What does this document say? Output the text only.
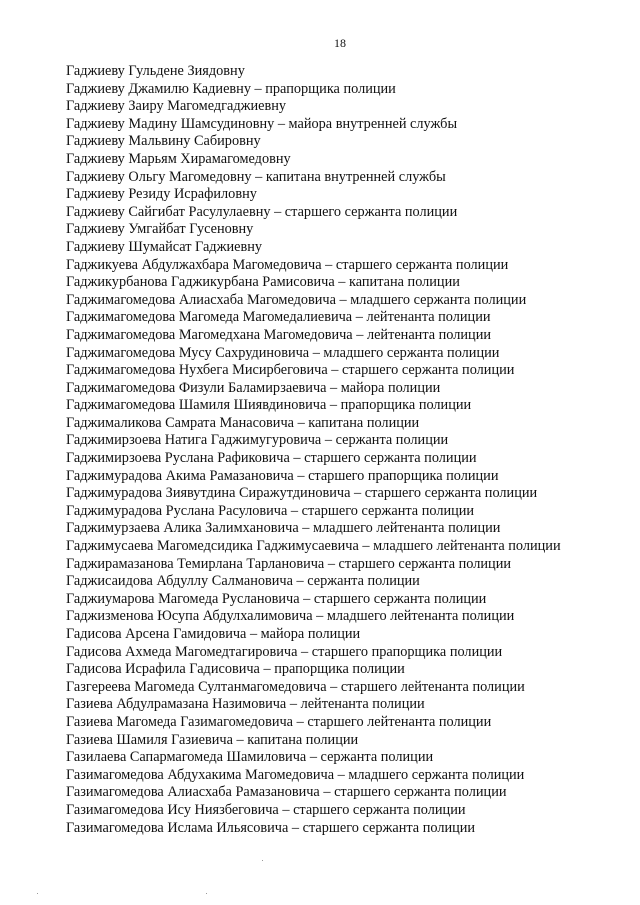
18
Гаджиеву Гульдене Зиядовну
Гаджиеву Джамилю Кадиевну – прапорщика полиции
Гаджиеву Заиру Магомедгаджиевну
Гаджиеву Мадину Шамсудиновну – майора внутренней службы
Гаджиеву Мальвину Сабировну
Гаджиеву Марьям Хирамагомедовну
Гаджиеву Ольгу Магомедовну – капитана внутренней службы
Гаджиеву Резиду Исрафиловну
Гаджиеву Сайгибат Расулулаевну – старшего сержанта полиции
Гаджиеву Умгайбат Гусеновну
Гаджиеву Шумайсат Гаджиевну
Гаджикуева Абдулжахбара Магомедовича – старшего сержанта полиции
Гаджикурбанова Гаджикурбана Рамисовича – капитана полиции
Гаджимагомедова Алиасхаба Магомедовича – младшего сержанта полиции
Гаджимагомедова Магомеда Магомедалиевича – лейтенанта полиции
Гаджимагомедова Магомедхана Магомедовича – лейтенанта полиции
Гаджимагомедова Мусу Сахрудиновича – младшего сержанта полиции
Гаджимагомедова Нухбега Мисирбеговича – старшего сержанта полиции
Гаджимагомедова Физули Баламирзаевича – майора полиции
Гаджимагомедова Шамиля Шиявдиновича – прапорщика полиции
Гаджималикова Самрата Манасовича – капитана полиции
Гаджимирзоева Натига Гаджимугуровича – сержанта полиции
Гаджимирзоева Руслана Рафиковича – старшего сержанта полиции
Гаджимурадова Акима Рамазановича – старшего прапорщика полиции
Гаджимурадова Зиявутдина Сиражутдиновича – старшего сержанта полиции
Гаджимурадова Руслана Расуловича – старшего сержанта полиции
Гаджимурзаева Алика Залимхановича – младшего лейтенанта полиции
Гаджимусаева Магомедсидика Гаджимусаевича – младшего лейтенанта полиции
Гаджирамазанова Темирлана Тарлановича – старшего сержанта полиции
Гаджисаидова Абдуллу Салмановича – сержанта полиции
Гаджиумарова Магомеда Руслановича – старшего сержанта полиции
Гаджизменова Юсупа Абдулхалимовича – младшего лейтенанта полиции
Гадисова Арсена Гамидовича – майора полиции
Гадисова Ахмеда Магомедтагировича – старшего прапорщика полиции
Гадисова Исрафила Гадисовича – прапорщика полиции
Газгереева Магомеда Султанмагомедовича – старшего лейтенанта полиции
Газиева Абдулрамазана Назимовича – лейтенанта полиции
Газиева Магомеда Газимагомедовича – старшего лейтенанта полиции
Газиева Шамиля Газиевича – капитана полиции
Газилаева Сапармагомеда Шамиловича – сержанта полиции
Газимагомедова Абдухакима Магомедовича – младшего сержанта полиции
Газимагомедова Алиасхаба Рамазановича – старшего сержанта полиции
Газимагомедова Ису Ниязбеговича – старшего сержанта полиции
Газимагомедова Ислама Ильясовича – старшего сержанта полиции
